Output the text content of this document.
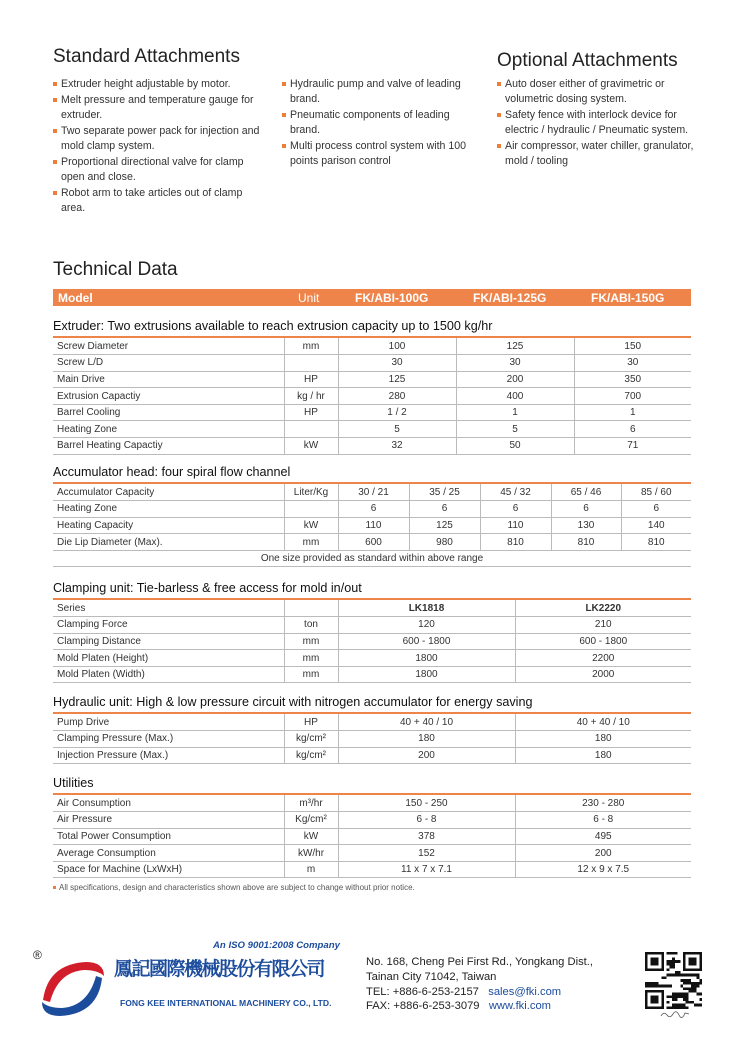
Standard Attachments
Extruder height adjustable by motor.
Melt pressure and temperature gauge for extruder.
Two separate power pack for injection and mold clamp system.
Proportional directional valve for clamp open and close.
Robot arm to take articles out of clamp area.
Hydraulic pump and valve of leading brand.
Pneumatic components of leading brand.
Multi process control system with 100 points parison control
Optional Attachments
Auto doser either of gravimetric or volumetric dosing system.
Safety fence with interlock device for electric / hydraulic / Pneumatic system.
Air compressor, water chiller, granulator, mold / tooling
Technical Data
Model	Unit	FK/ABI-100G	FK/ABI-125G	FK/ABI-150G
Extruder: Two extrusions available to reach extrusion capacity up to 1500 kg/hr
Screw Diameter	mm	100	125	150
Screw L/D		30	30	30
Main Drive	HP	125	200	350
Extrusion Capactiy	kg / hr	280	400	700
Barrel Cooling	HP	1 / 2	1	1
Heating Zone		5	5	6
Barrel Heating Capactiy	kW	32	50	71
Accumulator head: four spiral flow channel
Accumulator Capacity	Liter/Kg	30 / 21	35 / 25	45 / 32	65 / 46	85 / 60
Heating Zone		6	6	6	6	6
Heating Capacity	kW	110	125	110	130	140
Die Lip Diameter (Max).	mm	600	980	810	810	810
One size provided as standard within above range						
Clamping unit: Tie-barless & free access for mold in/out
Series		LK1818	LK2220
Clamping Force	ton	120	210
Clamping Distance	mm	600 - 1800	600 - 1800
Mold Platen (Height)	mm	1800	2200
Mold Platen (Width)	mm	1800	2000
Hydraulic unit: High & low pressure circuit with nitrogen accumulator for energy saving
Pump Drive	HP	40 + 40 / 10	40 + 40 / 10
Clamping Pressure (Max.)	kg/cm²	180	180
Injection Pressure (Max.)	kg/cm²	200	180
Utilities
Air Consumption	m³/hr	150 - 250	230 - 280
Air Pressure	Kg/cm²	6 - 8	6 - 8
Total Power Consumption	kW	378	495
Average Consumption	kW/hr	152	200
Space for Machine (LxWxH)	m	11 x 7 x 7.1	12 x 9 x 7.5
All specifications, design and characteristics shown above are subject to change without prior notice.
®
FKI
An ISO 9001:2008 Company
鳳記國際機械股份有限公司
FONG KEE INTERNATIONAL MACHINERY CO., LTD.
No. 168, Cheng Pei First Rd., Yongkang Dist.,
Tainan City 71042, Taiwan
TEL: +886-6-253-2157 sales@fki.com
FAX: +886-6-253-3079 www.fki.com
